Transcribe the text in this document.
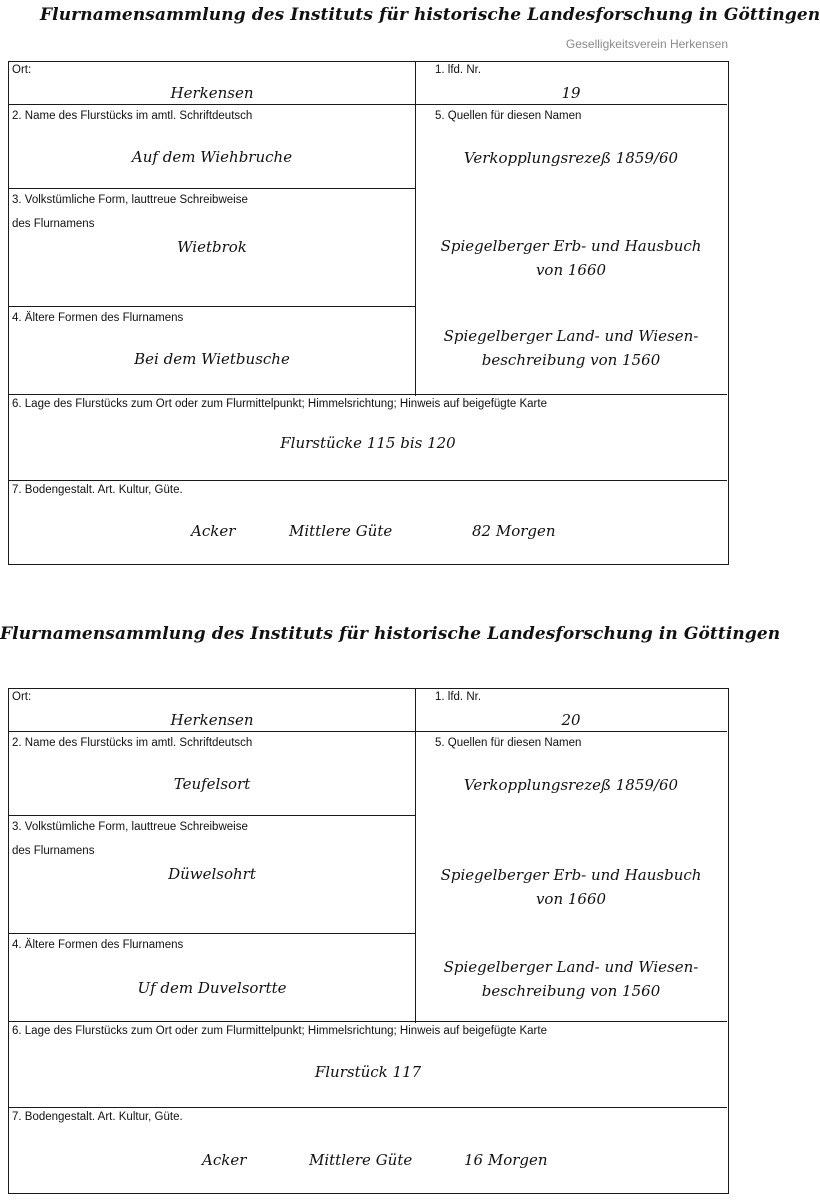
Flurnamensammlung des Instituts für historische Landesforschung in Göttingen
Geselligkeitsverein Herkensen
Ort:
Herkensen
1. lfd. Nr.
19
2. Name des Flurstücks im amtl. Schriftdeutsch
Auf dem Wiehbruche
3. Volkstümliche Form, lauttreue Schreibweise
des Flurnamens
Wietbrok
4. Ältere Formen des Flurnamens
Bei dem Wietbusche
5. Quellen für diesen Namen
Verkopplungsrezeß 1859/60
Spiegelberger Erb- und Hausbuch
von 1660
Spiegelberger Land- und Wiesen-
beschreibung von 1560
6. Lage des Flurstücks zum Ort oder zum Flurmittelpunkt; Himmelsrichtung; Hinweis auf beigefügte Karte
Flurstücke 115 bis 120
7. Bodengestalt. Art. Kultur, Güte.
Acker	Mittlere Güte	82 Morgen
Flurnamensammlung des Instituts für historische Landesforschung in Göttingen
Ort:
Herkensen
1. lfd. Nr.
20
2. Name des Flurstücks im amtl. Schriftdeutsch
Teufelsort
3. Volkstümliche Form, lauttreue Schreibweise
des Flurnamens
Düwelsohrt
4. Ältere Formen des Flurnamens
Uf dem Duvelsortte
5. Quellen für diesen Namen
Verkopplungsrezeß 1859/60
Spiegelberger Erb- und Hausbuch
von 1660
Spiegelberger Land- und Wiesen-
beschreibung von 1560
6. Lage des Flurstücks zum Ort oder zum Flurmittelpunkt; Himmelsrichtung; Hinweis auf beigefügte Karte
Flurstück 117
7. Bodengestalt. Art. Kultur, Güte.
Acker	Mittlere Güte	16 Morgen
